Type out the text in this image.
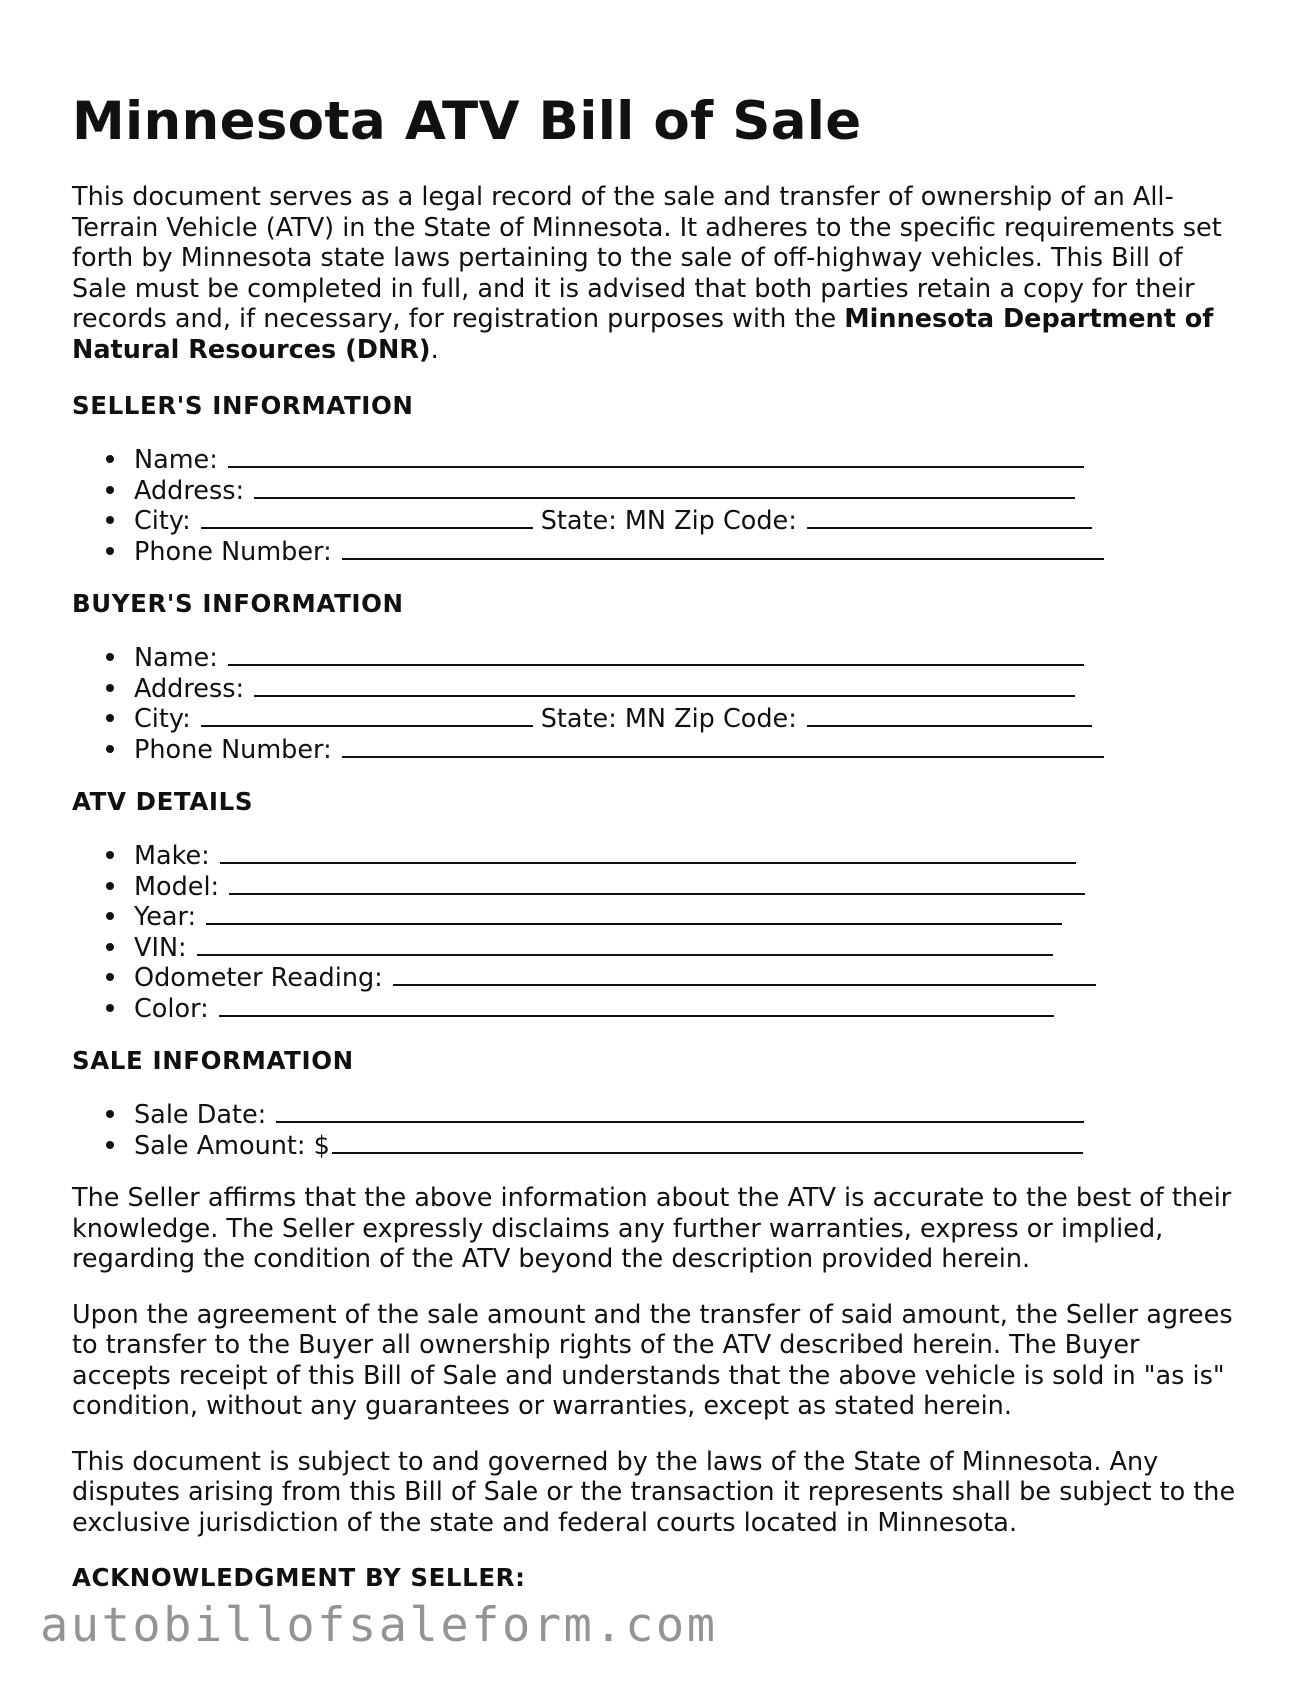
Minnesota ATV Bill of Sale

This document serves as a legal record of the sale and transfer of ownership of an All-Terrain Vehicle (ATV) in the State of Minnesota. It adheres to the specific requirements set forth by Minnesota state laws pertaining to the sale of off-highway vehicles. This Bill of Sale must be completed in full, and it is advised that both parties retain a copy for their records and, if necessary, for registration purposes with the Minnesota Department of Natural Resources (DNR).

SELLER'S INFORMATION
Name:
Address:
City:	State: MN Zip Code:
Phone Number:
BUYER'S INFORMATION
Name:
Address:
City:	State: MN Zip Code:
Phone Number:
ATV DETAILS
Make:
Model:
Year:
VIN:
Odometer Reading:
Color:
SALE INFORMATION
Sale Date:
Sale Amount: $

The Seller affirms that the above information about the ATV is accurate to the best of their knowledge. The Seller expressly disclaims any further warranties, express or implied, regarding the condition of the ATV beyond the description provided herein.

Upon the agreement of the sale amount and the transfer of said amount, the Seller agrees to transfer to the Buyer all ownership rights of the ATV described herein. The Buyer accepts receipt of this Bill of Sale and understands that the above vehicle is sold in "as is" condition, without any guarantees or warranties, except as stated herein.

This document is subject to and governed by the laws of the State of Minnesota. Any disputes arising from this Bill of Sale or the transaction it represents shall be subject to the exclusive jurisdiction of the state and federal courts located in Minnesota.

ACKNOWLEDGMENT BY SELLER:
autobillofsaleform.com
